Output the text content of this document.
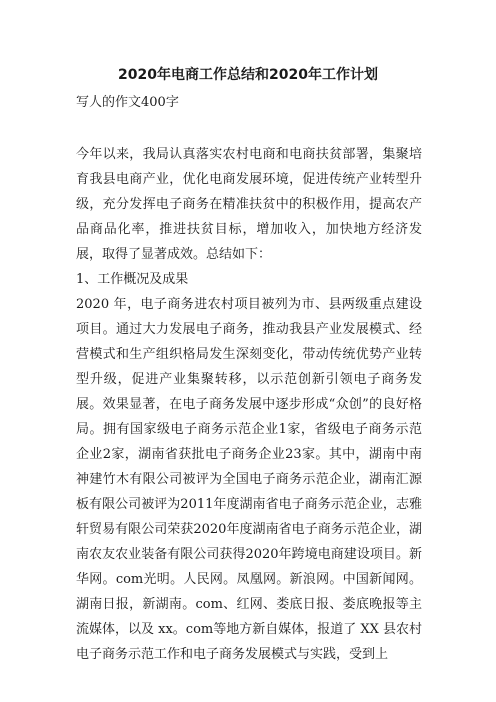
2020年电商工作总结和2020年工作计划
写人的作文400字

今年以来，我局认真落实农村电商和电商扶贫部署，集聚培育我县电商产业，优化电商发展环境，促进传统产业转型升级，充分发挥电子商务在精准扶贫中的积极作用，提高农产品商品化率，推进扶贫目标，增加收入，加快地方经济发展，取得了显著成效。总结如下：

1、工作概况及成果

2020 年，电子商务进农村项目被列为市、县两级重点建设项目。通过大力发展电子商务，推动我县产业发展模式、经营模式和生产组织格局发生深刻变化，带动传统优势产业转型升级，促进产业集聚转移，以示范创新引领电子商务发展。效果显著，在电子商务发展中逐步形成“众创”的良好格局。拥有国家级电子商务示范企业1家，省级电子商务示范企业2家，湖南省获批电子商务企业23家。其中，湖南中南神建竹木有限公司被评为全国电子商务示范企业，湖南汇源板有限公司被评为2011年度湖南省电子商务示范企业，志雅轩贸易有限公司荣获2020年度湖南省电子商务示范企业，湖南农友农业装备有限公司获得2020年跨境电商建设项目。新华网。com光明。人民网。凤凰网。新浪网。中国新闻网。湖南日报，新湖南。com、红网、娄底日报、娄底晚报等主流媒体，以及 xx。com等地方新自媒体，报道了 XX 县农村电子商务示范工作和电子商务发展模式与实践，受到上
